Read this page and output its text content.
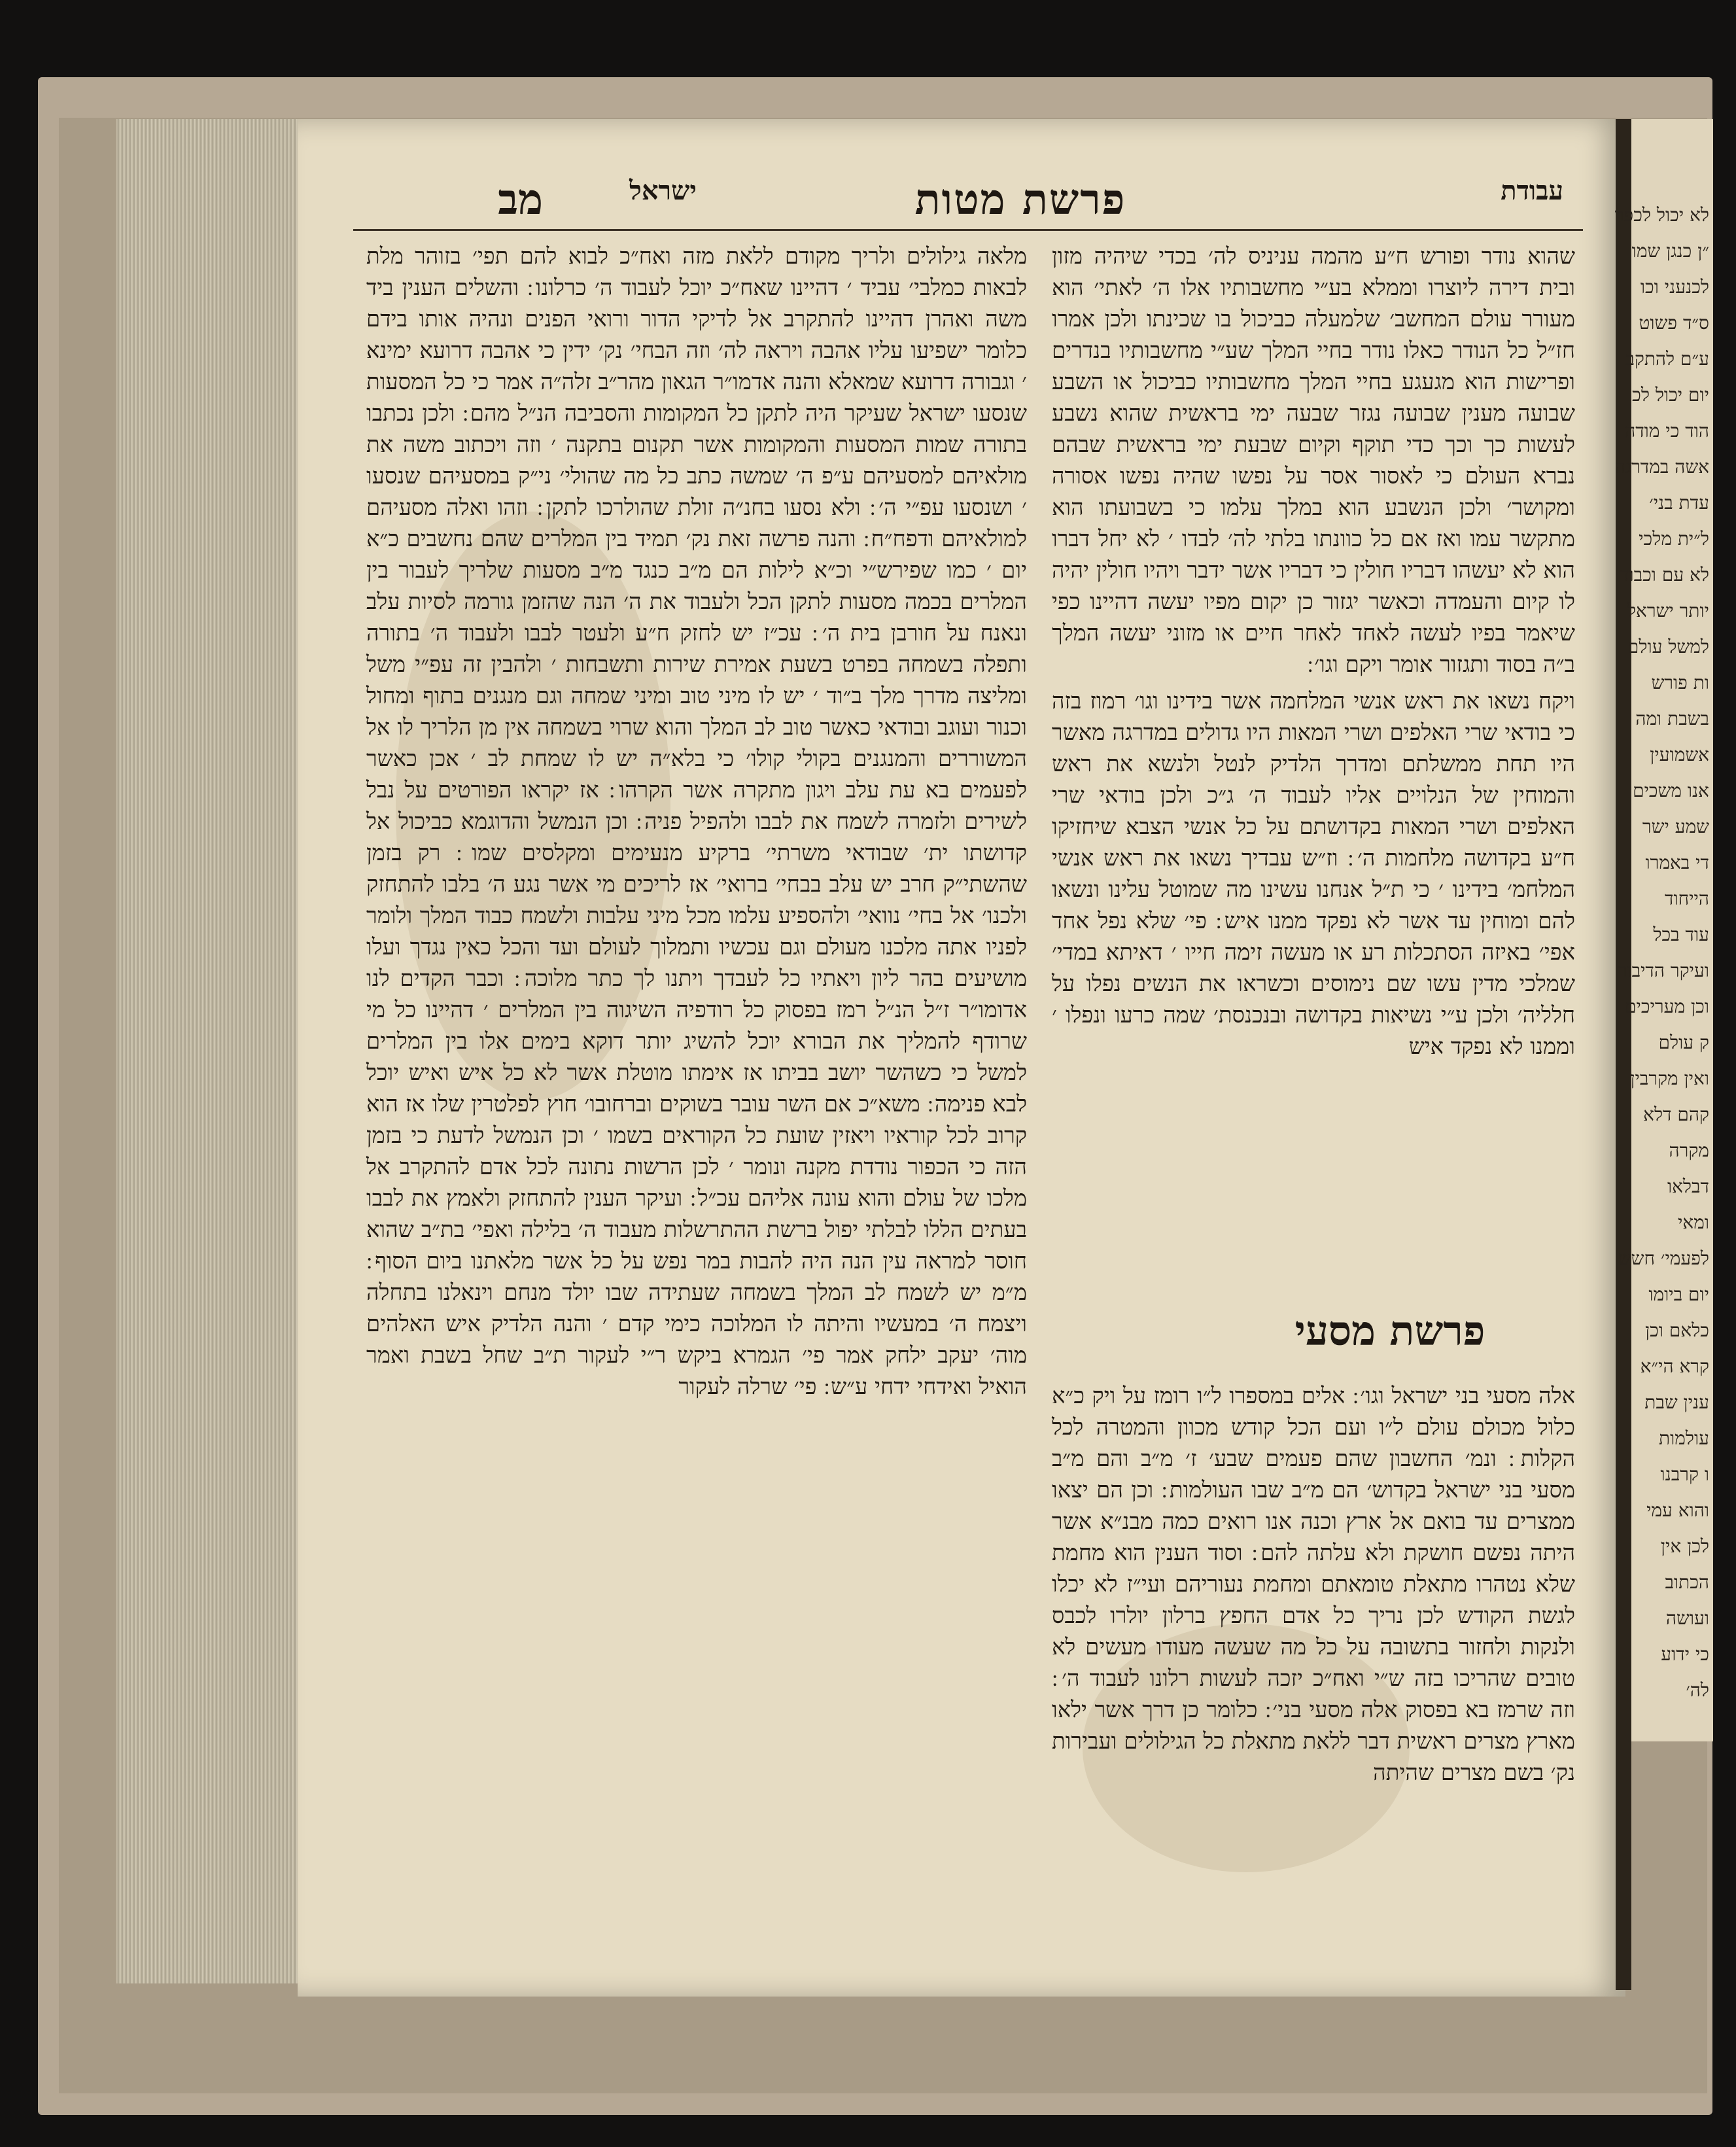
לא יכול לכפר
״ן כנגן שמו
לכנעני וכו
ס״ד פשוט
ע״ם להתקב
יום יכול לכ
הוד כי מודה
אשה במדרגה
עדת בני׳
ל״ית מלכי
לא עם וכבוד
יותר ישראל
למשל עולם
ות פורש
בשבת ומה
אשמועין
אנו משכים
שמע ישר
די באמרו
הייחוד
עוד בכל
ועיקר הדיבור
וכן מעריכים
ק עולם
ואין מקרבין
קהם דלא
מקרה
דבלאו
ומאי
לפעמי׳ חשש
יום ביומו
כלאם וכן
קרא הי״א
ענין שבת
עולמות
ו קרבנו
והוא עמי
לכן אין
הכתוב
ועושה
כי ידוע
לה׳
עבודת
פרשת מטות
ישראל
מב

שהוא נודר ופורש ח״ע מהמה עניניס לה׳ בכדי שיהיה מזון ובית דירה ליוצרו וממלא בע״י מחשבותיו אלו ה׳ לאתי׳ הוא מעורר עולם המחשב׳ שלמעלה כביכול בו שכינתו ולכן אמרו חז״ל כל הנודר כאלו נודר בחיי המלך שע״י מחשבותיו בנדרים ופרישות הוא מגעגע בחיי המלך מחשבותיו כביכול או השבע שבועה מענין שבועה נגזר שבעה ימי בראשית שהוא נשבע לעשות כך וכך כדי תוקף וקיום שבעת ימי בראשית שבהם נברא העולם כי לאסור אסר על נפשו שהיה נפשו אסורה ומקושר׳ ולכן הנשבע הוא במלך עלמו כי בשבועתו הוא מתקשר עמו ואז אם כל כוונתו בלתי לה׳ לבדו ׳ לא יחל דברו הוא לא יעשהו דבריו חולין כי דבריו אשר ידבר ויהיו חולין יהיה לו קיום והעמדה וכאשר יגזור כן יקום מפיו יעשה דהיינו כפי שיאמר בפיו לעשה לאחד לאחר חיים או מזוני יעשה המלך ב״ה בסוד ותגזור אומר ויקם וגו׳ ׃

ויקח נשאו את ראש אנשי המלחמה אשר בידינו וגו׳ רמוז בזה כי בודאי שרי האלפים ושרי המאות היו גדולים במדרגה מאשר היו תחת ממשלתם ומדרך הלדיק לנטל ולנשא את ראש והמוחין של הנלויים אליו לעבוד ה׳ ג״כ ולכן בודאי שרי האלפים ושרי המאות בקדושתם על כל אנשי הצבא שיחזיקו ח״ע בקדושה מלחמות ה׳ ׃ וז״ש עבדיך נשאו את ראש אנשי המלחמ׳ בידינו ׳ כי ת״ל אנחנו עשינו מה שמוטל עלינו ונשאו להם ומוחין עד אשר לא נפקד ממנו איש ׃ פי׳ שלא נפל אחד אפי׳ באיזה הסתכלות רע או מעשה זימה חייו ׳ דאיתא במדי׳ שמלכי מדין עשו שם נימוסים וכשראו את הנשים נפלו על חלליה׳ ולכן ע״י נשיאות בקדושה ובנכנסת׳ שמה כרעו ונפלו ׳ וממנו לא נפקד איש

פרשת מסעי

אלה מסעי בני ישראל וגו׳ ׃ אלים במספרו ל״ו רומז על ויק כ״א כלול מכולם עולם ל״ו ועם הכל קודש מכוון והמטרה לכל הקלות ׃ ונמ׳ החשבון שהם פעמים שבע׳ ז׳ מ״ב והם מ״ב מסעי בני ישראל בקדוש׳ הם מ״ב שבו העולמות ׃ וכן הם יצאו ממצרים עד בואם אל ארץ וכנה אנו רואים כמה מבנ״א אשר היתה נפשם חושקת ולא עלתה להם ׃ וסוד הענין הוא מחמת שלא נטהרו מתאלת טומאתם ומחמת נעוריהם ועי״ז לא יכלו לגשת הקודש לכן נריך כל אדם החפץ ברלון יולרו לכבס ולנקות ולחזור בתשובה על כל מה שעשה מעודו מעשים לא טובים שהריכו בזה ש״י ואח״כ יזכה לעשות רלונו לעבוד ה׳ ׃ וזה שרמז בא בפסוק אלה מסעי בני׳ ׃ כלומר כן דרך אשר ילאו מארץ מצרים ראשית דבר ללאת מתאלת כל הגילולים ועבירות נק׳ בשם מצרים שהיתה

מלאה גילולים ולריך מקודם ללאת מזה ואח״כ לבוא להם תפי׳ בזוהר מלת לבאות כמלבי׳ עביד ׳ דהיינו שאח״כ יוכל לעבוד ה׳ כרלונו ׃ והשלים הענין ביד משה ואהרן דהיינו להתקרב אל לדיקי הדור ורואי הפנים ונהיה אותו בידם כלומר ישפיעו עליו אהבה ויראה לה׳ וזה הבחי׳ נק׳ ידין כי אהבה דרועא ימינא ׳ וגבורה דרועא שמאלא והנה אדמו״ר הגאון מהר״ב זלה״ה אמר כי כל המסעות שנסעו ישראל שעיקר היה לתקן כל המקומות והסביבה הנ״ל מהם ׃ ולכן נכתבו בתורה שמות המסעות והמקומות אשר תקנום בתקנה ׳ וזה ויכתוב משה את מולאיהם למסעיהם ע״פ ה׳ שמשה כתב כל מה שהולי׳ ני״ק במסעיהם שנסעו ׳ ושנסעו עפ״י ה׳ ׃ ולא נסעו בחנ״ה זולת שהולרכו לתקן ׃ וזהו ואלה מסעיהם למולאיהם ודפח״ח ׃ והנה פרשה זאת נק׳ תמיד בין המלרים שהם נחשבים כ״א יום ׳ כמו שפירש״י וכ״א לילות הם מ״ב כנגד מ״ב מסעות שלריך לעבור בין המלרים בכמה מסעות לתקן הכל ולעבוד את ה׳ הנה שהזמן גורמה לסיות עלב ונאנח על חורבן בית ה׳ ׃ עכ״ז יש לחזק ח״ע ולעטר לבבו ולעבוד ה׳ בתורה ותפלה בשמחה בפרט בשעת אמירת שירות ותשבחות ׳ ולהבין זה עפ״י משל ומליצה מדרך מלך ב״וד ׳ יש לו מיני טוב ומיני שמחה וגם מנגנים בתוף ומחול וכנור ועוגב ובודאי כאשר טוב לב המלך והוא שרוי בשמחה אין מן הלריך לו אל המשוררים והמנגנים בקולי קולו׳ כי בלא״ה יש לו שמחת לב ׳ אכן כאשר לפעמים בא עת עלב ויגון מתקרה אשר הקרהו ׃ אז יקראו הפורטים על נבל לשירים ולזמרה לשמח את לבבו ולהפיל פניה ׃ וכן הנמשל והדוגמא כביכול אל קדושתו ית׳ שבודאי משרתי׳ ברקיע מנעימים ומקלסים שמו ׃ רק בזמן שהשתי״ק חרב יש עלב בבחי׳ ברואי׳ אז לריכים מי אשר נגע ה׳ בלבו להתחזק ולכנו׳ אל בחי׳ נוואי׳ ולהספיע עלמו מכל מיני עלבות ולשמח כבוד המלך ולומר לפניו אתה מלכנו מעולם וגם עכשיו ותמלוך לעולם ועד והכל כאין נגדך ועלו מושיעים בהר ליון ויאתיו כל לעבדך ויתנו לך כתר מלוכה ׃ וכבר הקדים לנו אדומו״ר ז״ל הנ״ל רמז בפסוק כל רודפיה השיגוה בין המלרים ׳ דהיינו כל מי שרודף להמליך את הבורא יוכל להשיג יותר דוקא בימים אלו בין המלרים למשל כי כשהשר יושב בביתו אז אימתו מוטלת אשר לא כל איש ואיש יוכל לבא פנימה ׃ משא״כ אם השר עובר בשוקים וברחובו׳ חוץ לפלטרין שלו אז הוא קרוב לכל קוראיו ויאזין שועת כל הקוראים בשמו ׳ וכן הנמשל לדעת כי בזמן הזה כי הכפור נודדת מקנה ונומר ׳ לכן הרשות נתונה לכל אדם להתקרב אל מלכו של עולם והוא עונה אליהם עכ״ל ׃ ועיקר הענין להתחזק ולאמץ את לבבו בעתים הללו לבלתי יפול ברשת ההתרשלות מעבוד ה׳ בלילה ואפי׳ בת״ב שהוא חוסר למראה עין הנה היה להבות במר נפש על כל אשר מלאתנו ביום הסוף ׃ מ״מ יש לשמח לב המלך בשמחה שעתידה שבו יולד מנחם וינאלנו בתחלה ויצמח ה׳ במעשיו והיתה לו המלוכה כימי קדם ׳ והנה הלדיק איש האלהים מוה׳ יעקב ילחק אמר פי׳ הגמרא ביקש ר״י לעקור ת״ב שחל בשבת ואמר הואיל ואידחי ידחי ע״ש ׃ פי׳ שרלה לעקור
